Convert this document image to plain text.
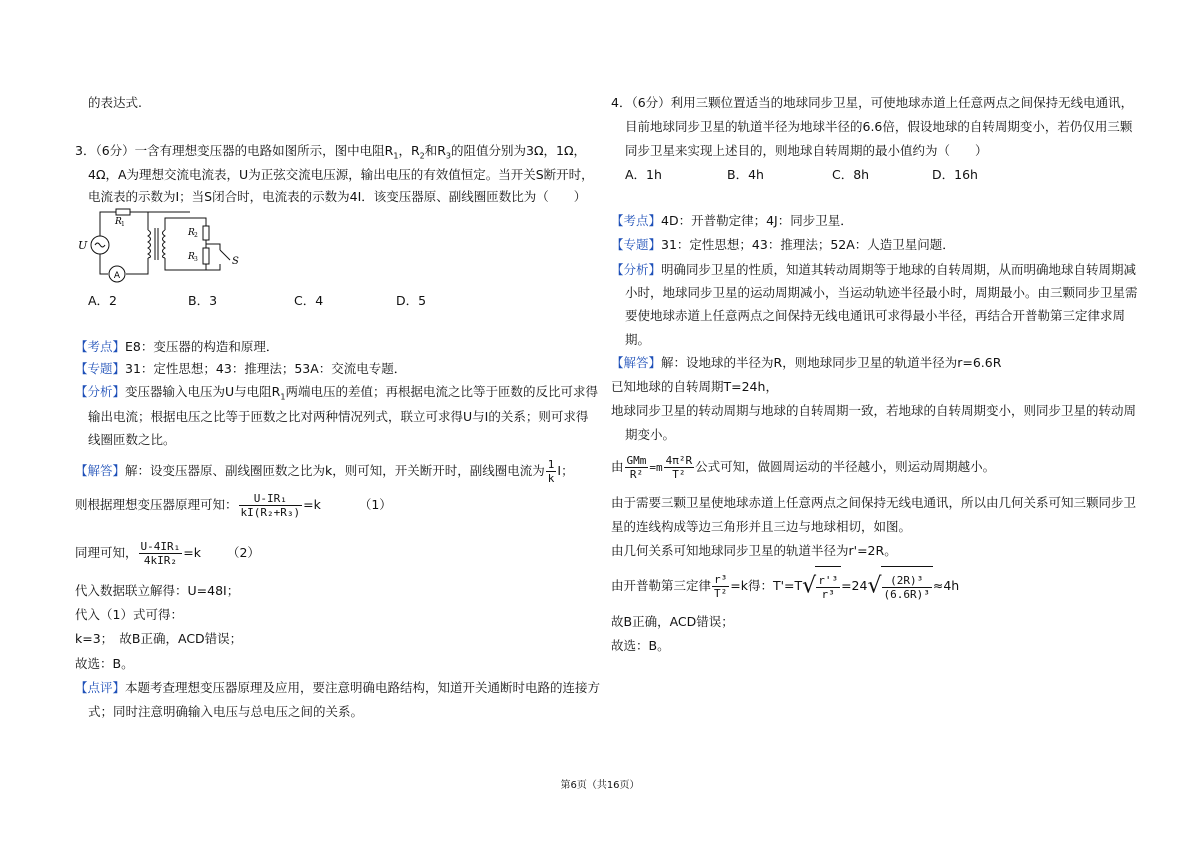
的表达式.
3．（6分）一含有理想变压器的电路如图所示，图中电阻$R_1$，$R_2$和$R_3$的阻值分别为3Ω，1Ω，
4Ω，A为理想交流电流表，U为正弦交流电压源，输出电压的有效值恒定。当开关S断开时，
电流表的示数为I；当S闭合时，电流表的示数为4I．该变压器原、副线圈匝数比为（　　）
A
R 1
R 2
R 3
U
S
A．2	B．3	C．4	D．5
【考点】E8：变压器的构造和原理．
【专题】31：定性思想；43：推理法；53A：交流电专题．
【分析】变压器输入电压为U与电阻$R_1$两端电压的差值；再根据电流之比等于匝数的反比可求得
输出电流；根据电压之比等于匝数之比对两种情况列式，联立可求得U与I的关系；则可求得
线圈匝数之比。
【解答】解：设变压器原、副线圈匝数之比为k，则可知，开关断开时，副线圈电流为 $\frac{1}{k}$ I；
则根据理想变压器原理可知： $\frac{\text{U-IR₁}}{\text{kI(R₂+R₃)}} =k$	（1）
同理可知， $\frac{\text{U-4IR₁}}{\text{4kIR₂}} =k$ （2）
代入数据联立解得：U=48I；
代入（1）式可得：
k=3；　故B正确，ACD错误；
故选：B。
【点评】本题考查理想变压器原理及应用，要注意明确电路结构，知道开关通断时电路的连接方
式；同时注意明确输入电压与总电压之间的关系。
4．（6分）利用三颗位置适当的地球同步卫星，可使地球赤道上任意两点之间保持无线电通讯，
目前地球同步卫星的轨道半径为地球半径的6.6倍，假设地球的自转周期变小，若仍仅用三颗
同步卫星来实现上述目的，则地球自转周期的最小值约为（　　）
A．1h	B．4h	C．8h	D．16h
【考点】4D：开普勒定律；4J：同步卫星．
【专题】31：定性思想；43：推理法；52A：人造卫星问题．
【分析】明确同步卫星的性质，知道其转动周期等于地球的自转周期，从而明确地球自转周期减
小时，地球同步卫星的运动周期减小，当运动轨迹半径最小时，周期最小。由三颗同步卫星需
要使地球赤道上任意两点之间保持无线电通讯可求得最小半径，再结合开普勒第三定律求周
期。
【解答】解：设地球的半径为R，则地球同步卫星的轨道半径为r=6.6R
已知地球的自转周期T=24h，
地球同步卫星的转动周期与地球的自转周期一致，若地球的自转周期变小，则同步卫星的转动周
期变小。
由 $\frac{\text{GMm}}{\text{R²}} =m \frac{\text{4π²R}}{\text{T²}}$ 公式可知，做圆周运动的半径越小，则运动周期越小。
由于需要三颗卫星使地球赤道上任意两点之间保持无线电通讯，所以由几何关系可知三颗同步卫
星的连线构成等边三角形并且三边与地球相切，如图。
由几何关系可知地球同步卫星的轨道半径为r'=2R。
由开普勒第三定律 $\frac{\text{r³}}{\text{T²}} =k$得：$T'=T√ \frac{\text{r'³}}{\text{r³}} =24√ \frac{\text{(2R)³}}{\text{(6.6R)³}} \approx 4h$
故B正确，ACD错误；
故选：B。
第6页（共16页）
